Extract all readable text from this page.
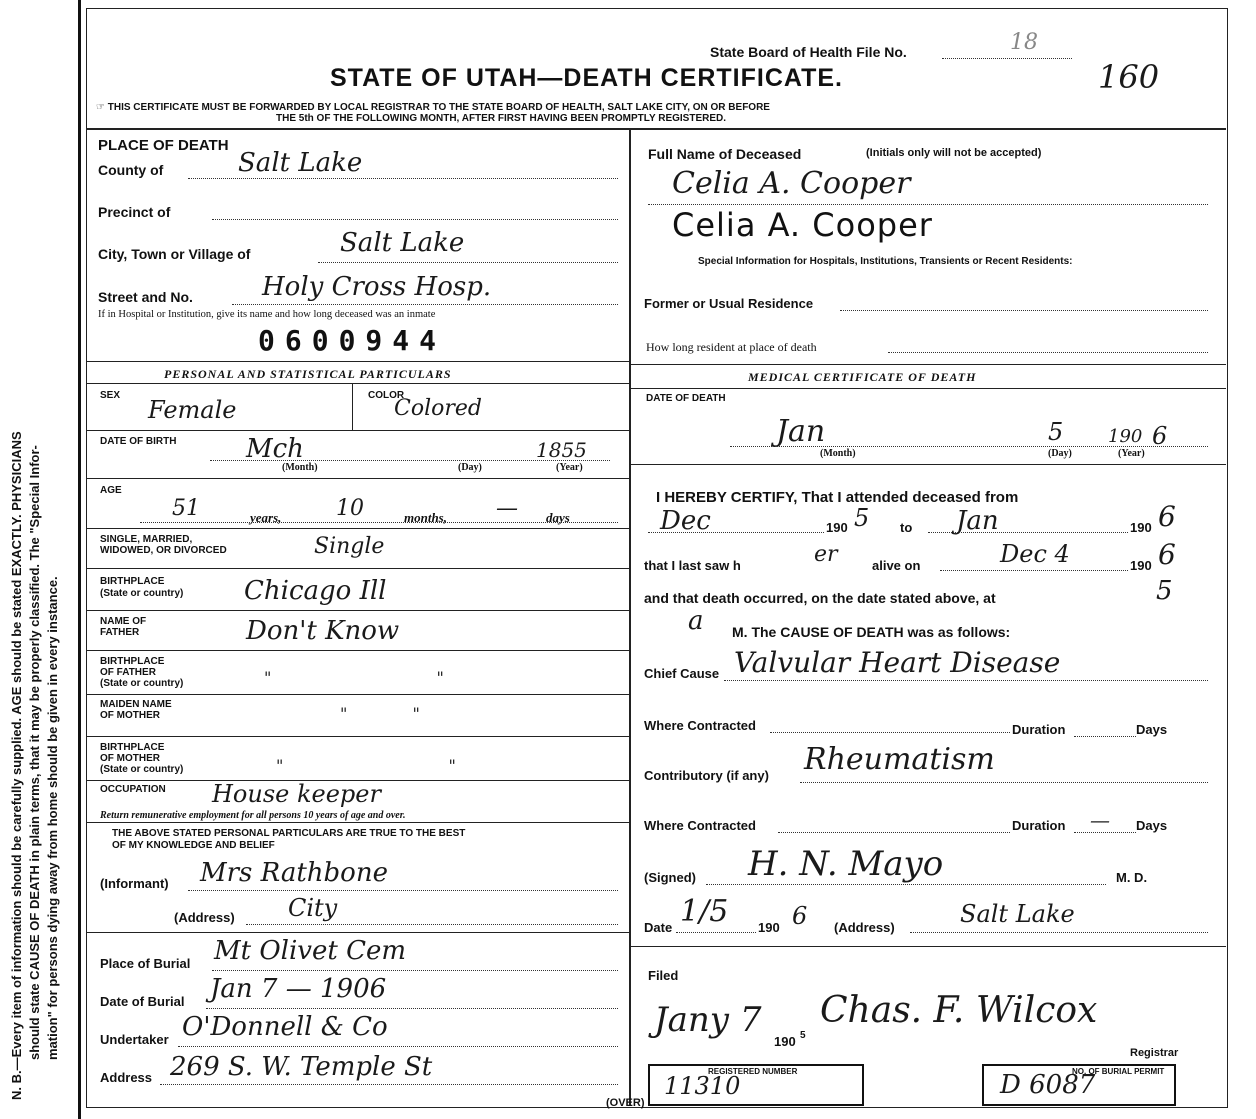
N. B.—Every item of information should be carefully supplied. AGE should be stated EXACTLY. PHYSICIANS should state CAUSE OF DEATH in plain terms, that it may be properly classified. The "Special Infor- mation" for persons dying away from home should be given in every instance.
State Board of Health File No.	18
STATE OF UTAH—DEATH CERTIFICATE.	160
☞ THIS CERTIFICATE MUST BE FORWARDED BY LOCAL REGISTRAR TO THE STATE BOARD OF HEALTH, SALT LAKE CITY, ON OR BEFORE
THE 5th OF THE FOLLOWING MONTH, AFTER FIRST HAVING BEEN PROMPTLY REGISTERED.
PLACE OF DEATH
County of	Salt Lake
Precinct of
City, Town or Village of	Salt Lake
Street and No.	Holy Cross Hosp.
If in Hospital or Institution, give its name and how long deceased was an inmate
0600944
PERSONAL AND STATISTICAL PARTICULARS
SEX
Female
COLOR
Colored
DATE OF BIRTH	Mch	1855
(Month)	(Day)	(Year)
AGE
51	years, 10	months, — days
SINGLE, MARRIED,
WIDOWED, OR DIVORCED	Single
BIRTHPLACE
(State or country) Chicago Ill
NAME OF
FATHER	Don't Know
BIRTHPLACE
OF FATHER
(State or country)	" "
MAIDEN NAME
OF MOTHER	" "
BIRTHPLACE
OF MOTHER
(State or country)	" "
OCCUPATION House keeper
Return remunerative employment for all persons 10 years of age and over.
THE ABOVE STATED PERSONAL PARTICULARS ARE TRUE TO THE BEST
OF MY KNOWLEDGE AND BELIEF
(Informant) Mrs Rathbone
(Address) City
Place of Burial Mt Olivet Cem
Date of Burial Jan 7 — 1906
Undertaker O'Donnell & Co
Address 269 S. W. Temple St
Full Name of Deceased	(Initials only will not be accepted)
Celia A. Cooper
Celia A. Cooper
Special Information for Hospitals, Institutions, Transients or Recent Residents:
Former or Usual Residence
How long resident at place of death
MEDICAL CERTIFICATE OF DEATH
DATE OF DEATH
Jan	5 190 6
(Month)	(Day)	(Year)
I HEREBY CERTIFY, That I attended deceased from
Dec	190 5 to Jan	190 6
that I last saw h	er	alive on	Dec 4	190 6
and that death occurred, on the date stated above, at	5
a M. The CAUSE OF DEATH was as follows:
Chief Cause Valvular Heart Disease
Where Contracted	Duration	Days
Contributory (if any) Rheumatism
Where Contracted	Duration — Days
(Signed) H. N. Mayo	M. D.
Date 1/5 190 6 (Address)	Salt Lake
Filed
Jany 7
190 5
Chas. F. Wilcox
Registrar
REGISTERED NUMBER
11310
NO. OF BURIAL PERMIT
D 6087
(OVER)
